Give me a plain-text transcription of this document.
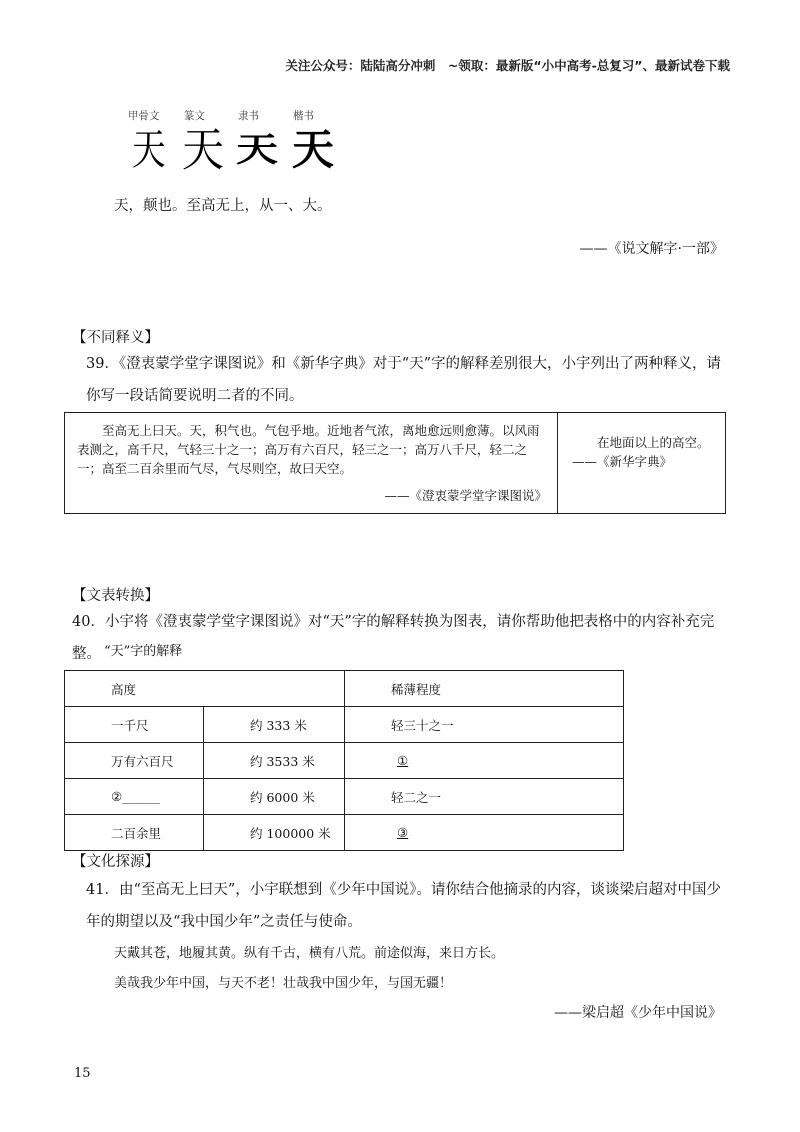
关注公众号：陆陆高分冲刺　~领取：最新版“小中高考-总复习”、最新试卷下载
甲骨文 篆文	隶书	楷书
天 天 天 天
天，颠也。至高无上，从一、大。
——《说文解字·一部》
【不同释义】
39．《澄衷蒙学堂字课图说》和《新华字典》对于“天”字的解释差别很大，小宇列出了两种释义，请你写一段话简要说明二者的不同。
至高无上曰天。天，积气也。气包乎地。近地者气浓，离地愈远则愈薄。以风雨表测之，高千尺，气轻三十之一；高万有六百尺，轻三之一；高万八千尺，轻二之一；高至二百余里而气尽，气尽则空，故曰天空。
——《澄衷蒙学堂字课图说》

在地面以上的高空。——《新华字典》
【文表转换】
40．小宇将《澄衷蒙学堂字课图说》对“天”字的解释转换为图表，请你帮助他把表格中的内容补充完整。 “天”字的解释
高度		稀薄程度
一千尺	约 333 米	轻三十之一
万有六百尺	约 3533 米	①
②______	约 6000 米	轻二之一
二百余里	约 100000 米	③
【文化探源】
41．由“至高无上曰天”，小宇联想到《少年中国说》。请你结合他摘录的内容，谈谈梁启超对中国少年的期望以及“我中国少年”之责任与使命。
天戴其苍，地履其黄。纵有千古，横有八荒。前途似海，来日方长。
美哉我少年中国，与天不老！壮哉我中国少年，与国无疆！
——梁启超《少年中国说》
15
